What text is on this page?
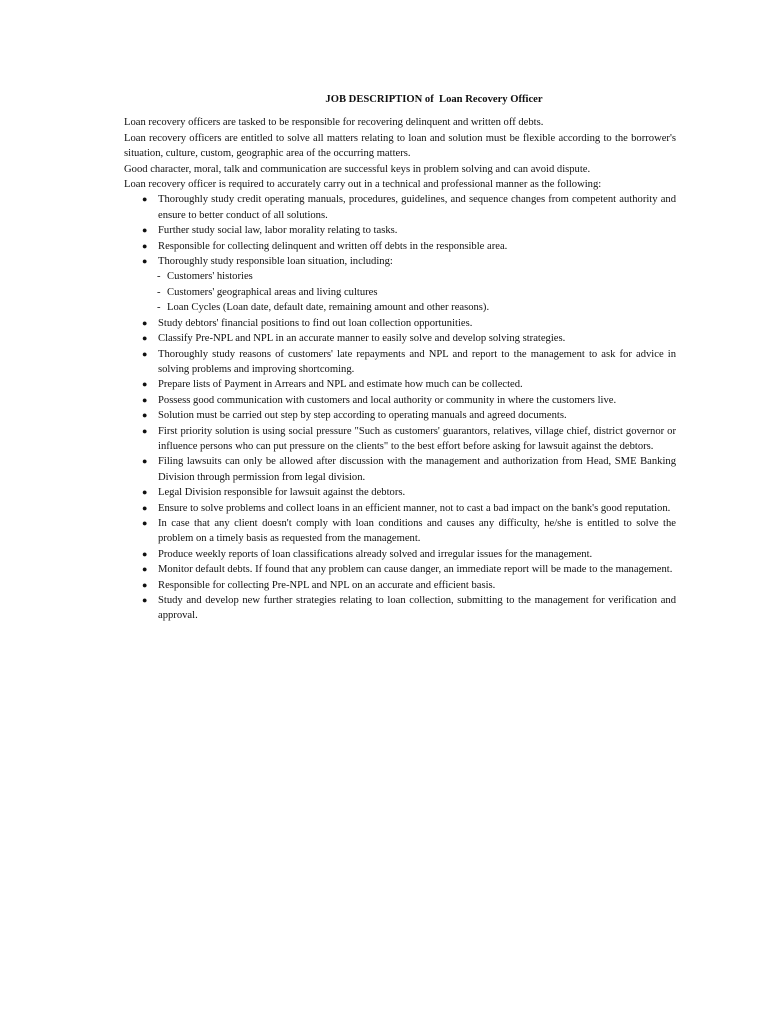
JOB DESCRIPTION of  Loan Recovery Officer

Loan recovery officers are tasked to be responsible for recovering delinquent and written off debts.

Loan recovery officers are entitled to solve all matters relating to loan and solution must be flexible according to the borrower's situation, culture, custom, geographic area of the occurring matters.

Good character, moral, talk and communication are successful keys in problem solving and can avoid dispute.

Loan recovery officer is required to accurately carry out in a technical and professional manner as the following:

● Thoroughly study credit operating manuals, procedures, guidelines, and sequence changes from competent authority and ensure to better conduct of all solutions.
● Further study social law, labor morality relating to tasks.
● Responsible for collecting delinquent and written off debts in the responsible area.
● Thoroughly study responsible loan situation, including:
- Customers' histories
- Customers' geographical areas and living cultures
- Loan Cycles (Loan date, default date, remaining amount and other reasons).
● Study debtors' financial positions to find out loan collection opportunities.
● Classify Pre-NPL and NPL in an accurate manner to easily solve and develop solving strategies.
● Thoroughly study reasons of customers' late repayments and NPL and report to the management to ask for advice in solving problems and improving shortcoming.
● Prepare lists of Payment in Arrears and NPL and estimate how much can be collected.
● Possess good communication with customers and local authority or community in where the customers live.
● Solution must be carried out step by step according to operating manuals and agreed documents.
● First priority solution is using social pressure "Such as customers' guarantors, relatives, village chief, district governor or influence persons who can put pressure on the clients" to the best effort before asking for lawsuit against the debtors.
● Filing lawsuits can only be allowed after discussion with the management and authorization from Head, SME Banking Division through permission from legal division.
● Legal Division responsible for lawsuit against the debtors.
● Ensure to solve problems and collect loans in an efficient manner, not to cast a bad impact on the bank's good reputation.
● In case that any client doesn't comply with loan conditions and causes any difficulty, he/she is entitled to solve the problem on a timely basis as requested from the management.
● Produce weekly reports of loan classifications already solved and irregular issues for the management.
● Monitor default debts. If found that any problem can cause danger, an immediate report will be made to the management.
● Responsible for collecting Pre-NPL and NPL on an accurate and efficient basis.
● Study and develop new further strategies relating to loan collection, submitting to the management for verification and approval.
